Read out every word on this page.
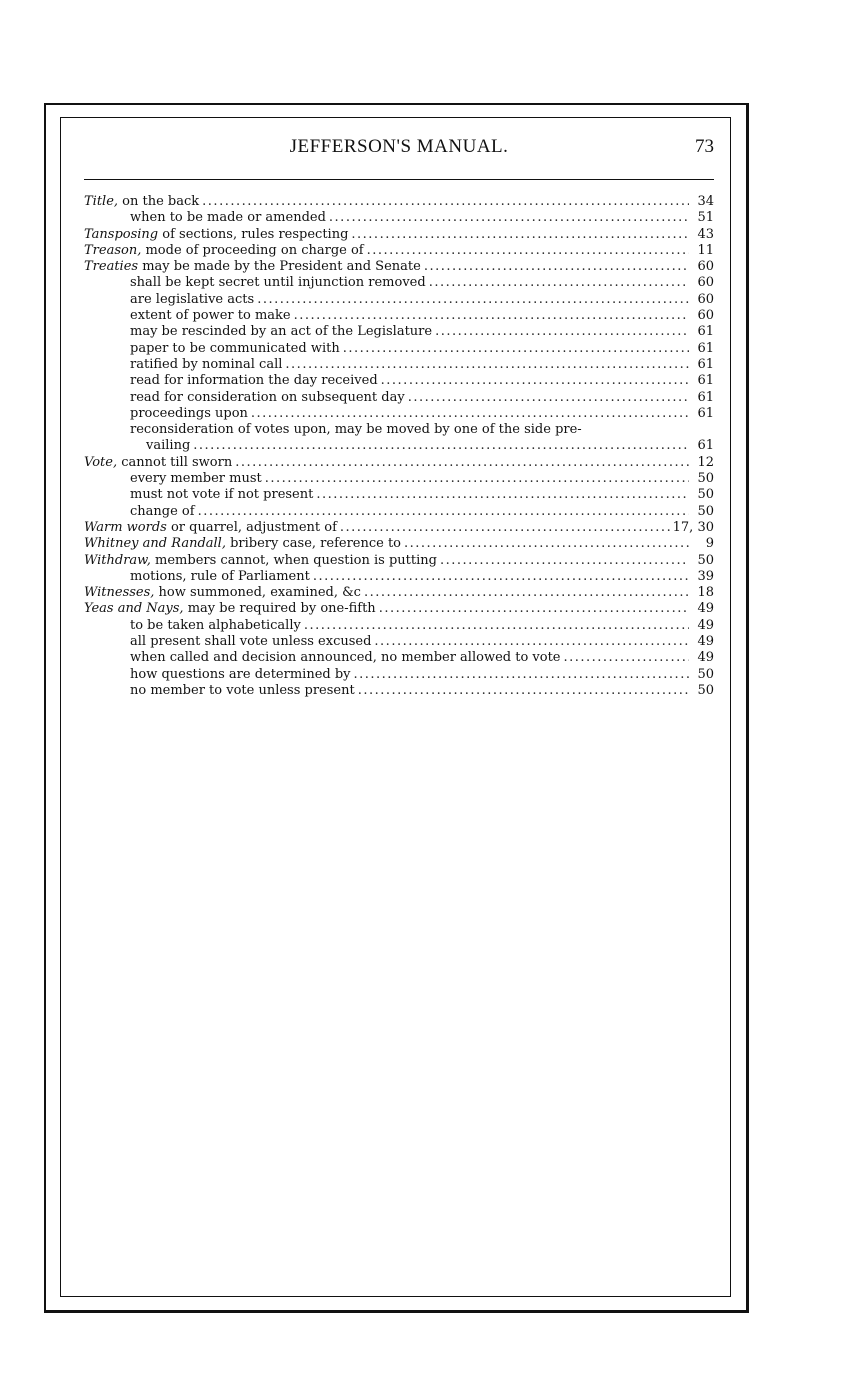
JEFFERSON'S MANUAL.	73
Title, on the back .....	34
when to be made or amended .....	51
Tansposing of sections, rules respecting .....	43
Treason, mode of proceeding on charge of .....	11
Treaties may be made by the President and Senate .....	60
shall be kept secret until injunction removed .....	60
are legislative acts .....	60
extent of power to make .....	60
may be rescinded by an act of the Legislature .....	61
paper to be communicated with .....	61
ratified by nominal call .....	61
read for information the day received .....	61
read for consideration on subsequent day .....	61
proceedings upon .....	61
reconsideration of votes upon, may be moved by one of the side pre-
vailing .....	61
Vote, cannot till sworn .....	12
every member must .....	50
must not vote if not present .....	50
change of .....	50
Warm words or quarrel, adjustment of .....	17, 30
Whitney and Randall, bribery case, reference to .....	9
Withdraw, members cannot, when question is putting .....	50
motions, rule of Parliament .....	39
Witnesses, how summoned, examined, &c .....	18
Yeas and Nays, may be required by one-fifth .....	49
to be taken alphabetically .....	49
all present shall vote unless excused .....	49
when called and decision announced, no member allowed to vote .....	49
how questions are determined by .....	50
no member to vote unless present .....	50
